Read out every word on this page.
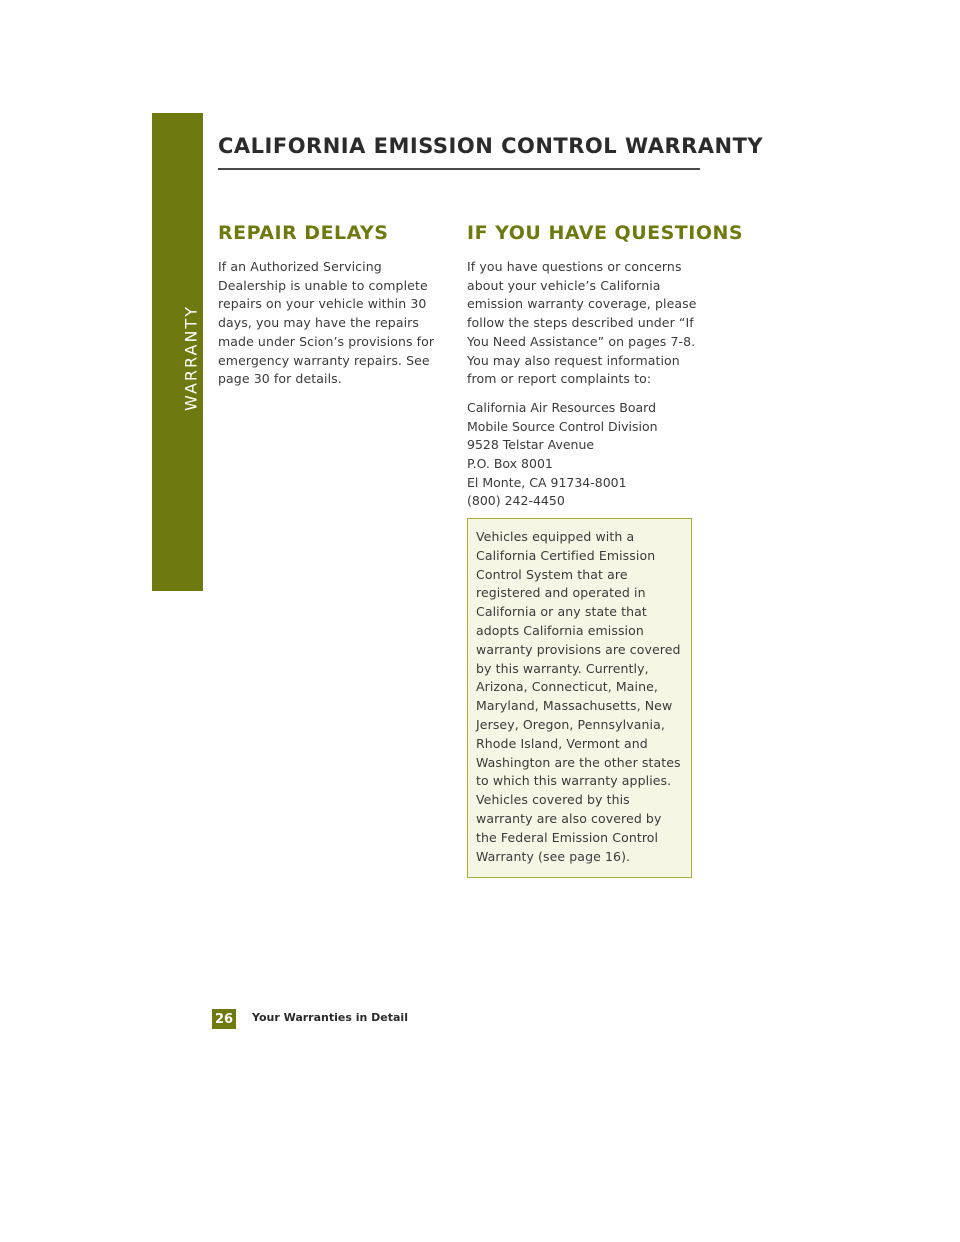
WARRANTY
CALIFORNIA EMISSION CONTROL WARRANTY
REPAIR DELAYS

If an Authorized Servicing Dealership is unable to complete repairs on your vehicle within 30 days, you may have the repairs made under Scion’s provisions for emergency warranty repairs. See page 30 for details.

IF YOU HAVE QUESTIONS

If you have questions or concerns about your vehicle’s California emission warranty coverage, please follow the steps described under “If You Need Assistance” on pages 7-8. You may also request information from or report complaints to:

California Air Resources Board
Mobile Source Control Division
9528 Telstar Avenue
P.O. Box 8001
El Monte, CA 91734-8001
(800) 242-4450
Vehicles equipped with a California Certified Emission Control System that are registered and operated in California or any state that adopts California emission warranty provisions are covered by this warranty. Currently, Arizona, Connecticut, Maine, Maryland, Massachusetts, New Jersey, Oregon, Pennsylvania, Rhode Island, Vermont and Washington are the other states to which this warranty applies. Vehicles covered by this warranty are also covered by the Federal Emission Control Warranty (see page 16).
26 Your Warranties in Detail
